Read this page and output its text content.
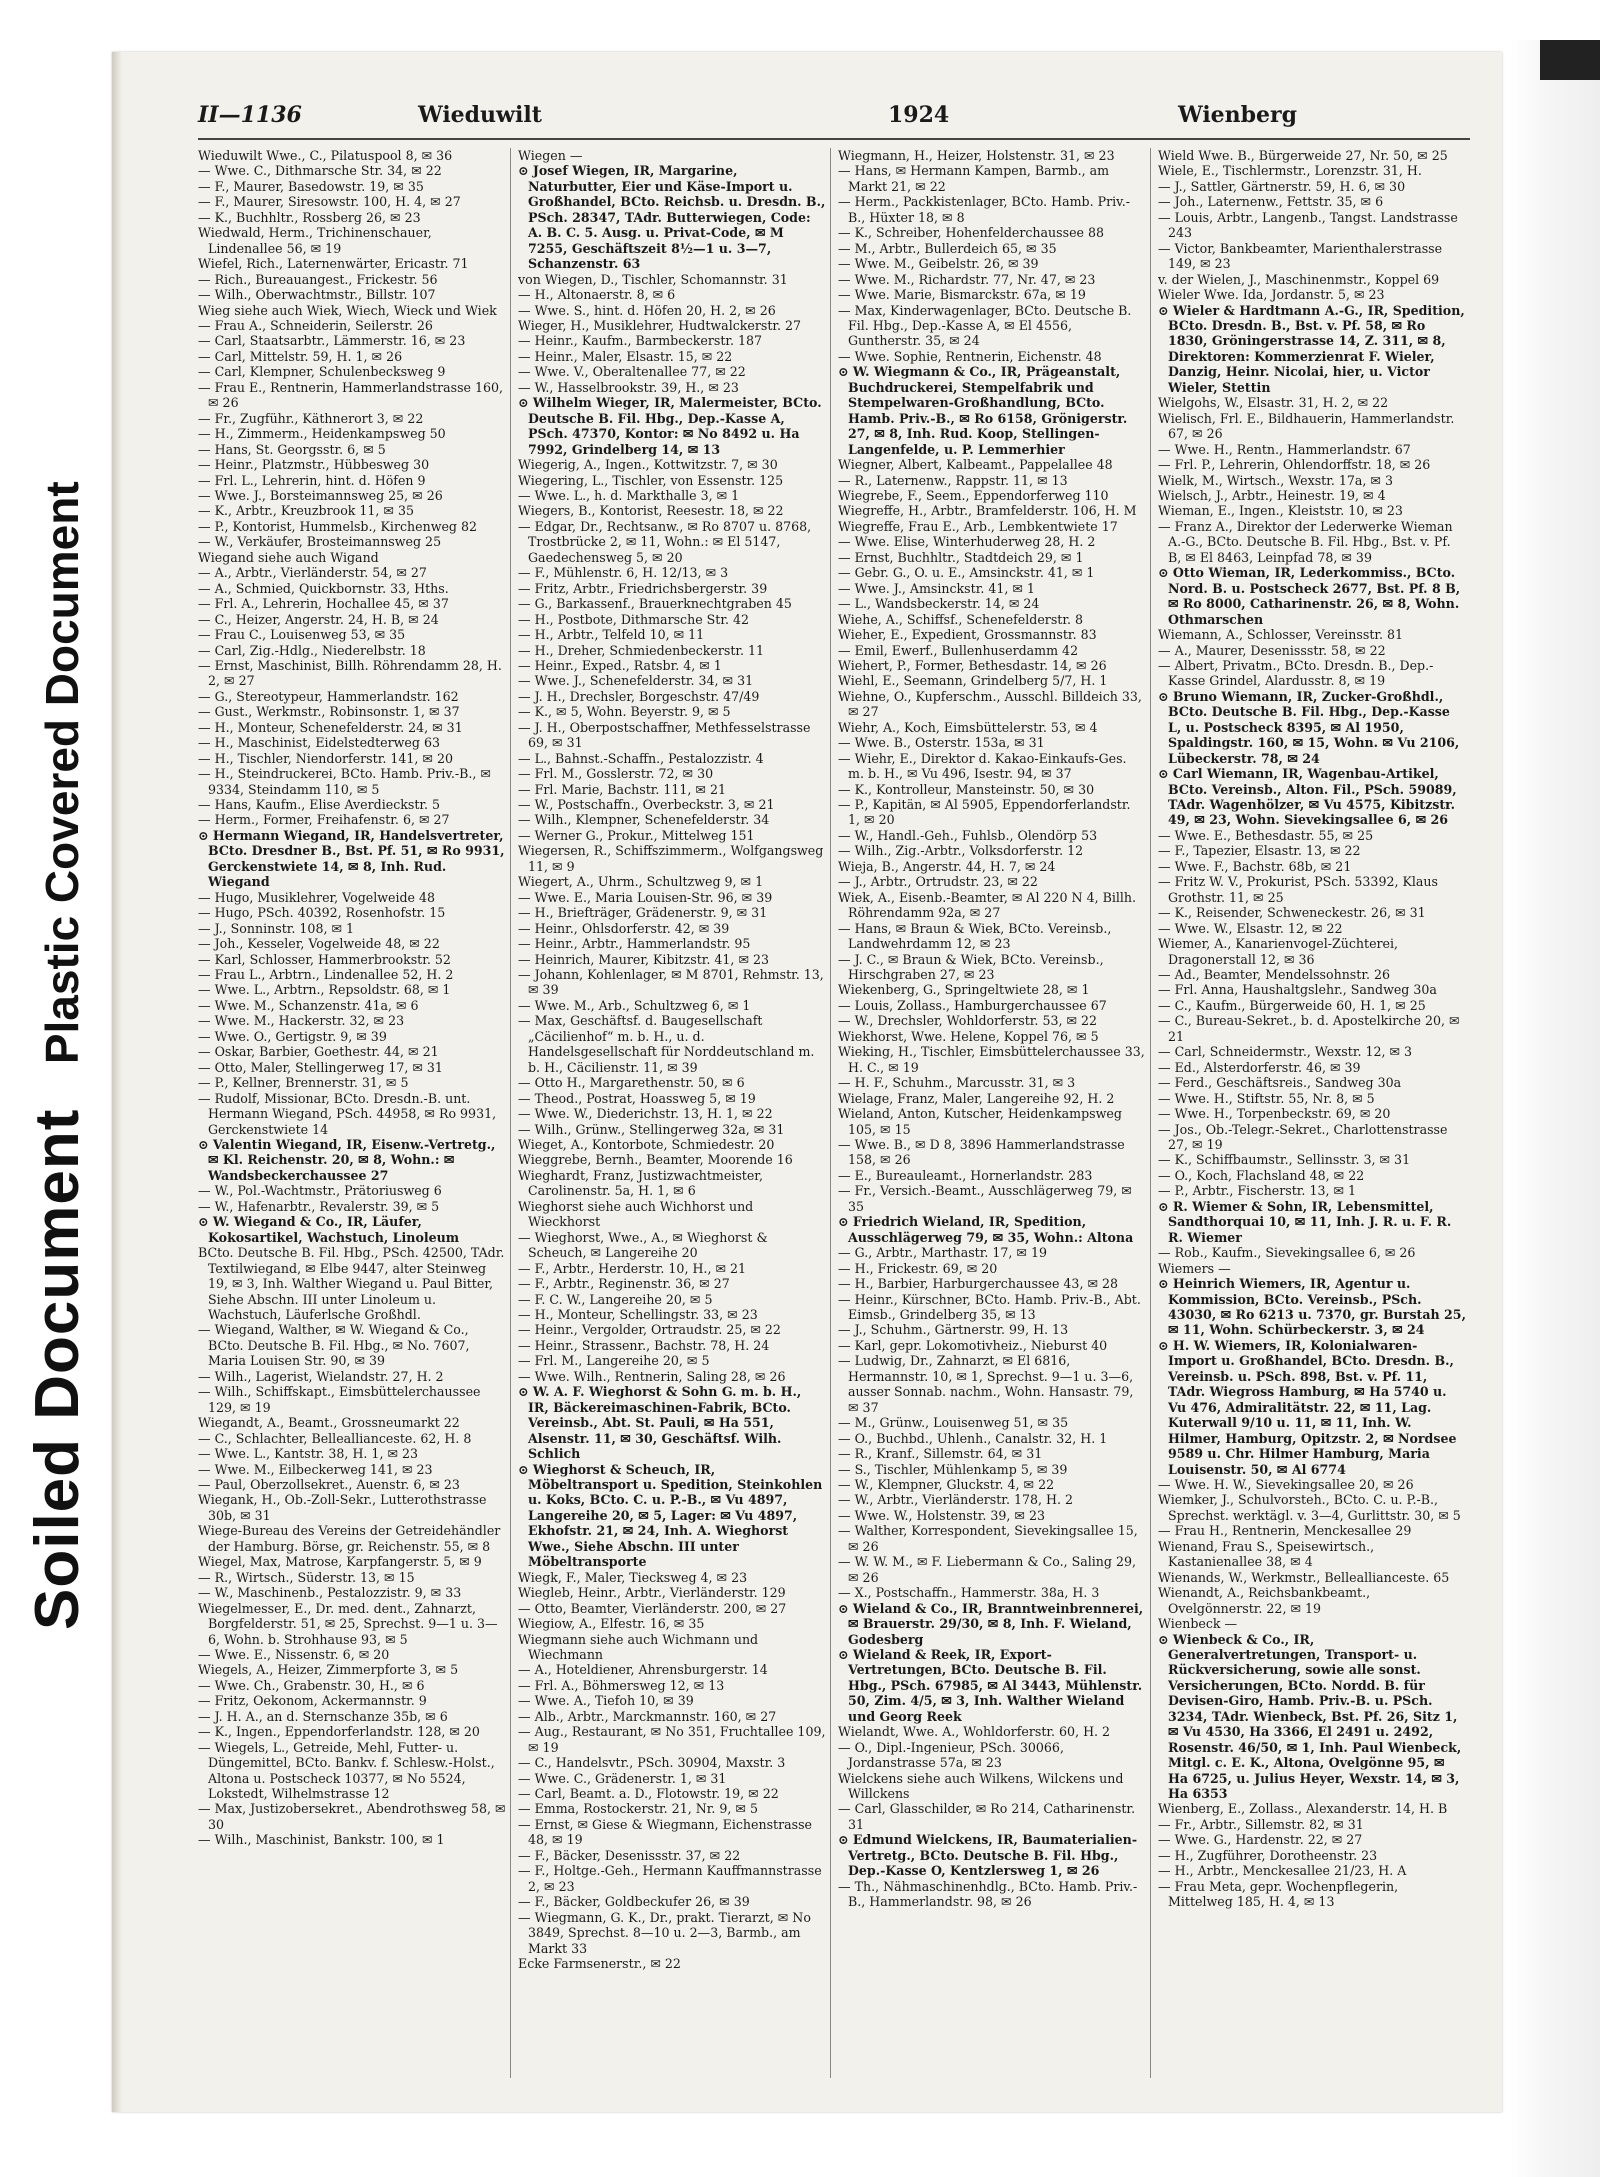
Soiled Document Plastic Covered Document
II—1136	Wieduwilt	1924	Wienberg
Wieduwilt Wwe., C., Pilatuspool 8, ✉ 36
— Wwe. C., Dithmarsche Str. 34, ✉ 22
— F., Maurer, Basedowstr. 19, ✉ 35
— F., Maurer, Siresowstr. 100, H. 4, ✉ 27
— K., Buchhltr., Rossberg 26, ✉ 23
Wiedwald, Herm., Trichinenschauer, Lindenallee 56, ✉ 19
Wiefel, Rich., Laternenwärter, Ericastr. 71
— Rich., Bureauangest., Frickestr. 56
— Wilh., Oberwachtmstr., Billstr. 107
Wieg siehe auch Wiek, Wiech, Wieck und Wiek
— Frau A., Schneiderin, Seilerstr. 26
— Carl, Staatsarbtr., Lämmerstr. 16, ✉ 23
— Carl, Mittelstr. 59, H. 1, ✉ 26
— Carl, Klempner, Schulenbecksweg 9
— Frau E., Rentnerin, Hammerlandstrasse 160, ✉ 26
— Fr., Zugführ., Käthnerort 3, ✉ 22
— H., Zimmerm., Heidenkampsweg 50
— Hans, St. Georgsstr. 6, ✉ 5
— Heinr., Platzmstr., Hübbesweg 30
— Frl. L., Lehrerin, hint. d. Höfen 9
— Wwe. J., Borsteimannsweg 25, ✉ 26
— K., Arbtr., Kreuzbrook 11, ✉ 35
— P., Kontorist, Hummelsb., Kirchenweg 82
— W., Verkäufer, Brosteimannsweg 25
Wiegand siehe auch Wigand
— A., Arbtr., Vierländerstr. 54, ✉ 27
— A., Schmied, Quickbornstr. 33, Hths.
— Frl. A., Lehrerin, Hochallee 45, ✉ 37
— C., Heizer, Angerstr. 24, H. B, ✉ 24
— Frau C., Louisenweg 53, ✉ 35
— Carl, Zig.-Hdlg., Niederelbstr. 18
— Ernst, Maschinist, Billh. Röhrendamm 28, H. 2, ✉ 27
— G., Stereotypeur, Hammerlandstr. 162
— Gust., Werkmstr., Robinsonstr. 1, ✉ 37
— H., Monteur, Schenefelderstr. 24, ✉ 31
— H., Maschinist, Eidelstedterweg 63
— H., Tischler, Niendorferstr. 141, ✉ 20
— H., Steindruckerei, BCto. Hamb. Priv.-B., ✉ 9334, Steindamm 110, ✉ 5
— Hans, Kaufm., Elise Averdieckstr. 5
— Herm., Former, Freihafenstr. 6, ✉ 27
⊙ Hermann Wiegand, IR, Handelsvertreter, BCto. Dresdner B., Bst. Pf. 51, ✉ Ro 9931, Gerckenstwiete 14, ✉ 8, Inh. Rud. Wiegand
— Hugo, Musiklehrer, Vogelweide 48
— Hugo, PSch. 40392, Rosenhofstr. 15
— J., Sonninstr. 108, ✉ 1
— Joh., Kesseler, Vogelweide 48, ✉ 22
— Karl, Schlosser, Hammerbrookstr. 52
— Frau L., Arbtrn., Lindenallee 52, H. 2
— Wwe. L., Arbtrn., Repsoldstr. 68, ✉ 1
— Wwe. M., Schanzenstr. 41a, ✉ 6
— Wwe. M., Hackerstr. 32, ✉ 23
— Wwe. O., Gertigstr. 9, ✉ 39
— Oskar, Barbier, Goethestr. 44, ✉ 21
— Otto, Maler, Stellingerweg 17, ✉ 31
— P., Kellner, Brennerstr. 31, ✉ 5
— Rudolf, Missionar, BCto. Dresdn.-B. unt. Hermann Wiegand, PSch. 44958, ✉ Ro 9931, Gerckenstwiete 14
⊙ Valentin Wiegand, IR, Eisenw.-Vertretg., ✉ Kl. Reichenstr. 20, ✉ 8, Wohn.: ✉ Wandsbeckerchaussee 27
— W., Pol.-Wachtmstr., Prätoriusweg 6
— W., Hafenarbtr., Revalerstr. 39, ✉ 5
⊙ W. Wiegand & Co., IR, Läufer, Kokosartikel, Wachstuch, Linoleum
BCto. Deutsche B. Fil. Hbg., PSch. 42500, TAdr. Textilwiegand, ✉ Elbe 9447, alter Steinweg 19, ✉ 3, Inh. Walther Wiegand u. Paul Bitter, Siehe Abschn. III unter Linoleum u. Wachstuch, Läuferlsche Großhdl.
— Wiegand, Walther, ✉ W. Wiegand & Co., BCto. Deutsche B. Fil. Hbg., ✉ No. 7607, Maria Louisen Str. 90, ✉ 39
— Wilh., Lagerist, Wielandstr. 27, H. 2
— Wilh., Schiffskapt., Eimsbüttelerchaussee 129, ✉ 19
Wiegandt, A., Beamt., Grossneumarkt 22
— C., Schlachter, Belleallianceste. 62, H. 8
— Wwe. L., Kantstr. 38, H. 1, ✉ 23
— Wwe. M., Eilbeckerweg 141, ✉ 23
— Paul, Oberzollsekret., Auenstr. 6, ✉ 23
Wiegank, H., Ob.-Zoll-Sekr., Lutterothstrasse 30b, ✉ 31
Wiege-Bureau des Vereins der Getreidehändler der Hamburg. Börse, gr. Reichenstr. 55, ✉ 8
Wiegel, Max, Matrose, Karpfangerstr. 5, ✉ 9
— R., Wirtsch., Süderstr. 13, ✉ 15
— W., Maschinenb., Pestalozzistr. 9, ✉ 33
Wiegelmesser, E., Dr. med. dent., Zahnarzt, Borgfelderstr. 51, ✉ 25, Sprechst. 9—1 u. 3—6, Wohn. b. Strohhause 93, ✉ 5
— Wwe. E., Nissenstr. 6, ✉ 20
Wiegels, A., Heizer, Zimmerpforte 3, ✉ 5
— Wwe. Ch., Grabenstr. 30, H., ✉ 6
— Fritz, Oekonom, Ackermannstr. 9
— J. H. A., an d. Sternschanze 35b, ✉ 6
— K., Ingen., Eppendorferlandstr. 128, ✉ 20
— Wiegels, L., Getreide, Mehl, Futter- u. Düngemittel, BCto. Bankv. f. Schlesw.-Holst., Altona u. Postscheck 10377, ✉ No 5524, Lokstedt, Wilhelmstrasse 12
— Max, Justizobersekret., Abendrothsweg 58, ✉ 30
— Wilh., Maschinist, Bankstr. 100, ✉ 1
Wiegen —
⊙ Josef Wiegen, IR, Margarine, Naturbutter, Eier und Käse-Import u. Großhandel, BCto. Reichsb. u. Dresdn. B., PSch. 28347, TAdr. Butterwiegen, Code: A. B. C. 5. Ausg. u. Privat-Code, ✉ M 7255, Geschäftszeit 8½—1 u. 3—7, Schanzenstr. 63
von Wiegen, D., Tischler, Schomannstr. 31
— H., Altonaerstr. 8, ✉ 6
— Wwe. S., hint. d. Höfen 20, H. 2, ✉ 26
Wieger, H., Musiklehrer, Hudtwalckerstr. 27
— Heinr., Kaufm., Barmbeckerstr. 187
— Heinr., Maler, Elsastr. 15, ✉ 22
— Wwe. V., Oberaltenallee 77, ✉ 22
— W., Hasselbrookstr. 39, H., ✉ 23
⊙ Wilhelm Wieger, IR, Malermeister, BCto. Deutsche B. Fil. Hbg., Dep.-Kasse A, PSch. 47370, Kontor: ✉ No 8492 u. Ha 7992, Grindelberg 14, ✉ 13
Wiegerig, A., Ingen., Kottwitzstr. 7, ✉ 30
Wiegering, L., Tischler, von Essenstr. 125
— Wwe. L., h. d. Markthalle 3, ✉ 1
Wiegers, B., Kontorist, Reesestr. 18, ✉ 22
— Edgar, Dr., Rechtsanw., ✉ Ro 8707 u. 8768, Trostbrücke 2, ✉ 11, Wohn.: ✉ El 5147, Gaedechensweg 5, ✉ 20
— F., Mühlenstr. 6, H. 12/13, ✉ 3
— Fritz, Arbtr., Friedrichsbergerstr. 39
— G., Barkassenf., Brauerknechtgraben 45
— H., Postbote, Dithmarsche Str. 42
— H., Arbtr., Telfeld 10, ✉ 11
— H., Dreher, Schmiedenbeckerstr. 11
— Heinr., Exped., Ratsbr. 4, ✉ 1
— Wwe. J., Schenefelderstr. 34, ✉ 31
— J. H., Drechsler, Borgeschstr. 47/49
— K., ✉ 5, Wohn. Beyerstr. 9, ✉ 5
— J. H., Oberpostschaffner, Methfesselstrasse 69, ✉ 31
— L., Bahnst.-Schaffn., Pestalozzistr. 4
— Frl. M., Gosslerstr. 72, ✉ 30
— Frl. Marie, Bachstr. 111, ✉ 21
— W., Postschaffn., Overbeckstr. 3, ✉ 21
— Wilh., Klempner, Schenefelderstr. 34
— Werner G., Prokur., Mittelweg 151
Wiegersen, R., Schiffszimmerm., Wolfgangsweg 11, ✉ 9
Wiegert, A., Uhrm., Schultzweg 9, ✉ 1
— Wwe. E., Maria Louisen-Str. 96, ✉ 39
— H., Briefträger, Grädenerstr. 9, ✉ 31
— Heinr., Ohlsdorferstr. 42, ✉ 39
— Heinr., Arbtr., Hammerlandstr. 95
— Heinrich, Maurer, Kibitzstr. 41, ✉ 23
— Johann, Kohlenlager, ✉ M 8701, Rehmstr. 13, ✉ 39
— Wwe. M., Arb., Schultzweg 6, ✉ 1
— Max, Geschäftsf. d. Baugesellschaft „Cäcilienhof“ m. b. H., u. d. Handelsgesellschaft für Norddeutschland m. b. H., Cäcilienstr. 11, ✉ 39
— Otto H., Margarethenstr. 50, ✉ 6
— Theod., Postrat, Hoassweg 5, ✉ 19
— Wwe. W., Diederichstr. 13, H. 1, ✉ 22
— Wilh., Grünw., Stellingerweg 32a, ✉ 31
Wieget, A., Kontorbote, Schmiedestr. 20
Wieggrebe, Bernh., Beamter, Moorende 16
Wieghardt, Franz, Justizwachtmeister, Carolinenstr. 5a, H. 1, ✉ 6
Wieghorst siehe auch Wichhorst und Wieckhorst
— Wieghorst, Wwe., A., ✉ Wieghorst & Scheuch, ✉ Langereihe 20
— F., Arbtr., Herderstr. 10, H., ✉ 21
— F., Arbtr., Reginenstr. 36, ✉ 27
— F. C. W., Langereihe 20, ✉ 5
— H., Monteur, Schellingstr. 33, ✉ 23
— Heinr., Vergolder, Ortraudstr. 25, ✉ 22
— Heinr., Strassenr., Bachstr. 78, H. 24
— Frl. M., Langereihe 20, ✉ 5
— Wwe. Wilh., Rentnerin, Saling 28, ✉ 26
⊙ W. A. F. Wieghorst & Sohn G. m. b. H., IR, Bäckereimaschinen-Fabrik, BCto. Vereinsb., Abt. St. Pauli, ✉ Ha 551, Alsenstr. 11, ✉ 30, Geschäftsf. Wilh. Schlich
⊙ Wieghorst & Scheuch, IR, Möbeltransport u. Spedition, Steinkohlen u. Koks, BCto. C. u. P.-B., ✉ Vu 4897, Langereihe 20, ✉ 5, Lager: ✉ Vu 4897, Ekhofstr. 21, ✉ 24, Inh. A. Wieghorst Wwe., Siehe Abschn. III unter Möbeltransporte
Wiegk, F., Maler, Tiecksweg 4, ✉ 23
Wiegleb, Heinr., Arbtr., Vierländerstr. 129
— Otto, Beamter, Vierländerstr. 200, ✉ 27
Wiegiow, A., Elfestr. 16, ✉ 35
Wiegmann siehe auch Wichmann und Wiechmann
— A., Hoteldiener, Ahrensburgerstr. 14
— Frl. A., Böhmersweg 12, ✉ 13
— Wwe. A., Tiefoh 10, ✉ 39
— Alb., Arbtr., Marckmannstr. 160, ✉ 27
— Aug., Restaurant, ✉ No 351, Fruchtallee 109, ✉ 19
— C., Handelsvtr., PSch. 30904, Maxstr. 3
— Wwe. C., Grädenerstr. 1, ✉ 31
— Carl, Beamt. a. D., Flotowstr. 19, ✉ 22
— Emma, Rostockerstr. 21, Nr. 9, ✉ 5
— Ernst, ✉ Giese & Wiegmann, Eichenstrasse 48, ✉ 19
— F., Bäcker, Desenissstr. 37, ✉ 22
— F., Holtge.-Geh., Hermann Kauffmannstrasse 2, ✉ 23
— F., Bäcker, Goldbeckufer 26, ✉ 39
— Wiegmann, G. K., Dr., prakt. Tierarzt, ✉ No 3849, Sprechst. 8—10 u. 2—3, Barmb., am Markt 33
Ecke Farmsenerstr., ✉ 22
Wiegmann, H., Heizer, Holstenstr. 31, ✉ 23
— Hans, ✉ Hermann Kampen, Barmb., am Markt 21, ✉ 22
— Herm., Packkistenlager, BCto. Hamb. Priv.-B., Hüxter 18, ✉ 8
— K., Schreiber, Hohenfelderchaussee 88
— M., Arbtr., Bullerdeich 65, ✉ 35
— Wwe. M., Geibelstr. 26, ✉ 39
— Wwe. M., Richardstr. 77, Nr. 47, ✉ 23
— Wwe. Marie, Bismarckstr. 67a, ✉ 19
— Max, Kinderwagenlager, BCto. Deutsche B. Fil. Hbg., Dep.-Kasse A, ✉ El 4556, Guntherstr. 35, ✉ 24
— Wwe. Sophie, Rentnerin, Eichenstr. 48
⊙ W. Wiegmann & Co., IR, Prägeanstalt, Buchdruckerei, Stempelfabrik und Stempelwaren-Großhandlung, BCto. Hamb. Priv.-B., ✉ Ro 6158, Grönigerstr. 27, ✉ 8, Inh. Rud. Koop, Stellingen-Langenfelde, u. P. Lemmerhier
Wiegner, Albert, Kalbeamt., Pappelallee 48
— R., Laternenw., Rappstr. 11, ✉ 13
Wiegrebe, F., Seem., Eppendorferweg 110
Wiegreffe, H., Arbtr., Bramfelderstr. 106, H. M
Wiegreffe, Frau E., Arb., Lembkentwiete 17
— Wwe. Elise, Winterhuderweg 28, H. 2
— Ernst, Buchhltr., Stadtdeich 29, ✉ 1
— Gebr. G., O. u. E., Amsinckstr. 41, ✉ 1
— Wwe. J., Amsinckstr. 41, ✉ 1
— L., Wandsbeckerstr. 14, ✉ 24
Wiehe, A., Schiffsf., Schenefelderstr. 8
Wieher, E., Expedient, Grossmannstr. 83
— Emil, Ewerf., Bullenhuserdamm 42
Wiehert, P., Former, Bethesdastr. 14, ✉ 26
Wiehl, E., Seemann, Grindelberg 5/7, H. 1
Wiehne, O., Kupferschm., Ausschl. Billdeich 33, ✉ 27
Wiehr, A., Koch, Eimsbüttelerstr. 53, ✉ 4
— Wwe. B., Osterstr. 153a, ✉ 31
— Wiehr, E., Direktor d. Kakao-Einkaufs-Ges. m. b. H., ✉ Vu 496, Isestr. 94, ✉ 37
— K., Kontrolleur, Mansteinstr. 50, ✉ 30
— P., Kapitän, ✉ Al 5905, Eppendorferlandstr. 1, ✉ 20
— W., Handl.-Geh., Fuhlsb., Olendörp 53
— Wilh., Zig.-Arbtr., Volksdorferstr. 12
Wieja, B., Angerstr. 44, H. 7, ✉ 24
— J., Arbtr., Ortrudstr. 23, ✉ 22
Wiek, A., Eisenb.-Beamter, ✉ Al 220 N 4, Billh. Röhrendamm 92a, ✉ 27
— Hans, ✉ Braun & Wiek, BCto. Vereinsb., Landwehrdamm 12, ✉ 23
— J. C., ✉ Braun & Wiek, BCto. Vereinsb., Hirschgraben 27, ✉ 23
Wiekenberg, G., Springeltwiete 28, ✉ 1
— Louis, Zollass., Hamburgerchaussee 67
— W., Drechsler, Wohldorferstr. 53, ✉ 22
Wiekhorst, Wwe. Helene, Koppel 76, ✉ 5
Wieking, H., Tischler, Eimsbüttelerchaussee 33, H. C., ✉ 19
— H. F., Schuhm., Marcusstr. 31, ✉ 3
Wielage, Franz, Maler, Langereihe 92, H. 2
Wieland, Anton, Kutscher, Heidenkampsweg 105, ✉ 15
— Wwe. B., ✉ D 8, 3896 Hammerlandstrasse 158, ✉ 26
— E., Bureauleamt., Hornerlandstr. 283
— Fr., Versich.-Beamt., Ausschlägerweg 79, ✉ 35
⊙ Friedrich Wieland, IR, Spedition, Ausschlägerweg 79, ✉ 35, Wohn.: Altona
— G., Arbtr., Marthastr. 17, ✉ 19
— H., Frickestr. 69, ✉ 20
— H., Barbier, Harburgerchaussee 43, ✉ 28
— Heinr., Kürschner, BCto. Hamb. Priv.-B., Abt. Eimsb., Grindelberg 35, ✉ 13
— J., Schuhm., Gärtnerstr. 99, H. 13
— Karl, gepr. Lokomotivheiz., Nieburst 40
— Ludwig, Dr., Zahnarzt, ✉ El 6816, Hermannstr. 10, ✉ 1, Sprechst. 9—1 u. 3—6, ausser Sonnab. nachm., Wohn. Hansastr. 79, ✉ 37
— M., Grünw., Louisenweg 51, ✉ 35
— O., Buchbd., Uhlenh., Canalstr. 32, H. 1
— R., Kranf., Sillemstr. 64, ✉ 31
— S., Tischler, Mühlenkamp 5, ✉ 39
— W., Klempner, Gluckstr. 4, ✉ 22
— W., Arbtr., Vierländerstr. 178, H. 2
— Wwe. W., Holstenstr. 39, ✉ 23
— Walther, Korrespondent, Sievekingsallee 15, ✉ 26
— W. W. M., ✉ F. Liebermann & Co., Saling 29, ✉ 26
— X., Postschaffn., Hammerstr. 38a, H. 3
⊙ Wieland & Co., IR, Branntweinbrennerei, ✉ Brauerstr. 29/30, ✉ 8, Inh. F. Wieland, Godesberg
⊙ Wieland & Reek, IR, Export-Vertretungen, BCto. Deutsche B. Fil. Hbg., PSch. 67985, ✉ Al 3443, Mühlenstr. 50, Zim. 4/5, ✉ 3, Inh. Walther Wieland und Georg Reek
Wielandt, Wwe. A., Wohldorferstr. 60, H. 2
— O., Dipl.-Ingenieur, PSch. 30066, Jordanstrasse 57a, ✉ 23
Wielckens siehe auch Wilkens, Wilckens und Willckens
— Carl, Glasschilder, ✉ Ro 214, Catharinenstr. 31
⊙ Edmund Wielckens, IR, Baumaterialien-Vertretg., BCto. Deutsche B. Fil. Hbg., Dep.-Kasse O, Kentzlersweg 1, ✉ 26
— Th., Nähmaschinenhdlg., BCto. Hamb. Priv.-B., Hammerlandstr. 98, ✉ 26
Wield Wwe. B., Bürgerweide 27, Nr. 50, ✉ 25
Wiele, E., Tischlermstr., Lorenzstr. 31, H.
— J., Sattler, Gärtnerstr. 59, H. 6, ✉ 30
— Joh., Laternenw., Fettstr. 35, ✉ 6
— Louis, Arbtr., Langenb., Tangst. Landstrasse 243
— Victor, Bankbeamter, Marienthalerstrasse 149, ✉ 23
v. der Wielen, J., Maschinenmstr., Koppel 69
Wieler Wwe. Ida, Jordanstr. 5, ✉ 23
⊙ Wieler & Hardtmann A.-G., IR, Spedition, BCto. Dresdn. B., Bst. v. Pf. 58, ✉ Ro 1830, Gröningerstrasse 14, Z. 311, ✉ 8, Direktoren: Kommerzienrat F. Wieler, Danzig, Heinr. Nicolai, hier, u. Victor Wieler, Stettin
Wielgohs, W., Elsastr. 31, H. 2, ✉ 22
Wielisch, Frl. E., Bildhauerin, Hammerlandstr. 67, ✉ 26
— Wwe. H., Rentn., Hammerlandstr. 67
— Frl. P., Lehrerin, Ohlendorffstr. 18, ✉ 26
Wielk, M., Wirtsch., Wexstr. 17a, ✉ 3
Wielsch, J., Arbtr., Heinestr. 19, ✉ 4
Wieman, E., Ingen., Kleiststr. 10, ✉ 23
— Franz A., Direktor der Lederwerke Wieman A.-G., BCto. Deutsche B. Fil. Hbg., Bst. v. Pf. B, ✉ El 8463, Leinpfad 78, ✉ 39
⊙ Otto Wieman, IR, Lederkommiss., BCto. Nord. B. u. Postscheck 2677, Bst. Pf. 8 B, ✉ Ro 8000, Catharinenstr. 26, ✉ 8, Wohn. Othmarschen
Wiemann, A., Schlosser, Vereinsstr. 81
— A., Maurer, Desenissstr. 58, ✉ 22
— Albert, Privatm., BCto. Dresdn. B., Dep.-Kasse Grindel, Alardusstr. 8, ✉ 19
⊙ Bruno Wiemann, IR, Zucker-Großhdl., BCto. Deutsche B. Fil. Hbg., Dep.-Kasse L, u. Postscheck 8395, ✉ Al 1950, Spaldingstr. 160, ✉ 15, Wohn. ✉ Vu 2106, Lübeckerstr. 78, ✉ 24
⊙ Carl Wiemann, IR, Wagenbau-Artikel, BCto. Vereinsb., Alton. Fil., PSch. 59089, TAdr. Wagenhölzer, ✉ Vu 4575, Kibitzstr. 49, ✉ 23, Wohn. Sievekingsallee 6, ✉ 26
— Wwe. E., Bethesdastr. 55, ✉ 25
— F., Tapezier, Elsastr. 13, ✉ 22
— Wwe. F., Bachstr. 68b, ✉ 21
— Fritz W. V., Prokurist, PSch. 53392, Klaus Grothstr. 11, ✉ 25
— K., Reisender, Schweneckestr. 26, ✉ 31
— Wwe. W., Elsastr. 12, ✉ 22
Wiemer, A., Kanarienvogel-Züchterei, Dragonerstall 12, ✉ 36
— Ad., Beamter, Mendelssohnstr. 26
— Frl. Anna, Haushaltgslehr., Sandweg 30a
— C., Kaufm., Bürgerweide 60, H. 1, ✉ 25
— C., Bureau-Sekret., b. d. Apostelkirche 20, ✉ 21
— Carl, Schneidermstr., Wexstr. 12, ✉ 3
— Ed., Alsterdorferstr. 46, ✉ 39
— Ferd., Geschäftsreis., Sandweg 30a
— Wwe. H., Stiftstr. 55, Nr. 8, ✉ 5
— Wwe. H., Torpenbeckstr. 69, ✉ 20
— Jos., Ob.-Telegr.-Sekret., Charlottenstrasse 27, ✉ 19
— K., Schiffbaumstr., Sellinsstr. 3, ✉ 31
— O., Koch, Flachsland 48, ✉ 22
— P., Arbtr., Fischerstr. 13, ✉ 1
⊙ R. Wiemer & Sohn, IR, Lebensmittel, Sandthorquai 10, ✉ 11, Inh. J. R. u. F. R. R. Wiemer
— Rob., Kaufm., Sievekingsallee 6, ✉ 26
Wiemers —
⊙ Heinrich Wiemers, IR, Agentur u. Kommission, BCto. Vereinsb., PSch. 43030, ✉ Ro 6213 u. 7370, gr. Burstah 25, ✉ 11, Wohn. Schürbeckerstr. 3, ✉ 24
⊙ H. W. Wiemers, IR, Kolonialwaren-Import u. Großhandel, BCto. Dresdn. B., Vereinsb. u. PSch. 898, Bst. v. Pf. 11, TAdr. Wiegross Hamburg, ✉ Ha 5740 u. Vu 476, Admiralitätstr. 22, ✉ 11, Lag. Kuterwall 9/10 u. 11, ✉ 11, Inh. W. Hilmer, Hamburg, Opitzstr. 2, ✉ Nordsee 9589 u. Chr. Hilmer Hamburg, Maria Louisenstr. 50, ✉ Al 6774
— Wwe. H. W., Sievekingsallee 20, ✉ 26
Wiemker, J., Schulvorsteh., BCto. C. u. P.-B., Sprechst. werktägl. v. 3—4, Gurlittstr. 30, ✉ 5
— Frau H., Rentnerin, Menckesallee 29
Wienand, Frau S., Speisewirtsch., Kastanienallee 38, ✉ 4
Wienands, W., Werkmstr., Belleallianceste. 65
Wienandt, A., Reichsbankbeamt., Ovelgönnerstr. 22, ✉ 19
Wienbeck —
⊙ Wienbeck & Co., IR, Generalvertretungen, Transport- u. Rückversicherung, sowie alle sonst. Versicherungen, BCto. Nordd. B. für Devisen-Giro, Hamb. Priv.-B. u. PSch. 3234, TAdr. Wienbeck, Bst. Pf. 26, Sitz 1, ✉ Vu 4530, Ha 3366, El 2491 u. 2492, Rosenstr. 46/50, ✉ 1, Inh. Paul Wienbeck, Mitgl. c. E. K., Altona, Ovelgönne 95, ✉ Ha 6725, u. Julius Heyer, Wexstr. 14, ✉ 3, Ha 6353
Wienberg, E., Zollass., Alexanderstr. 14, H. B
— Fr., Arbtr., Sillemstr. 82, ✉ 31
— Wwe. G., Hardenstr. 22, ✉ 27
— H., Zugführer, Dorotheenstr. 23
— H., Arbtr., Menckesallee 21/23, H. A
— Frau Meta, gepr. Wochenpflegerin, Mittelweg 185, H. 4, ✉ 13
